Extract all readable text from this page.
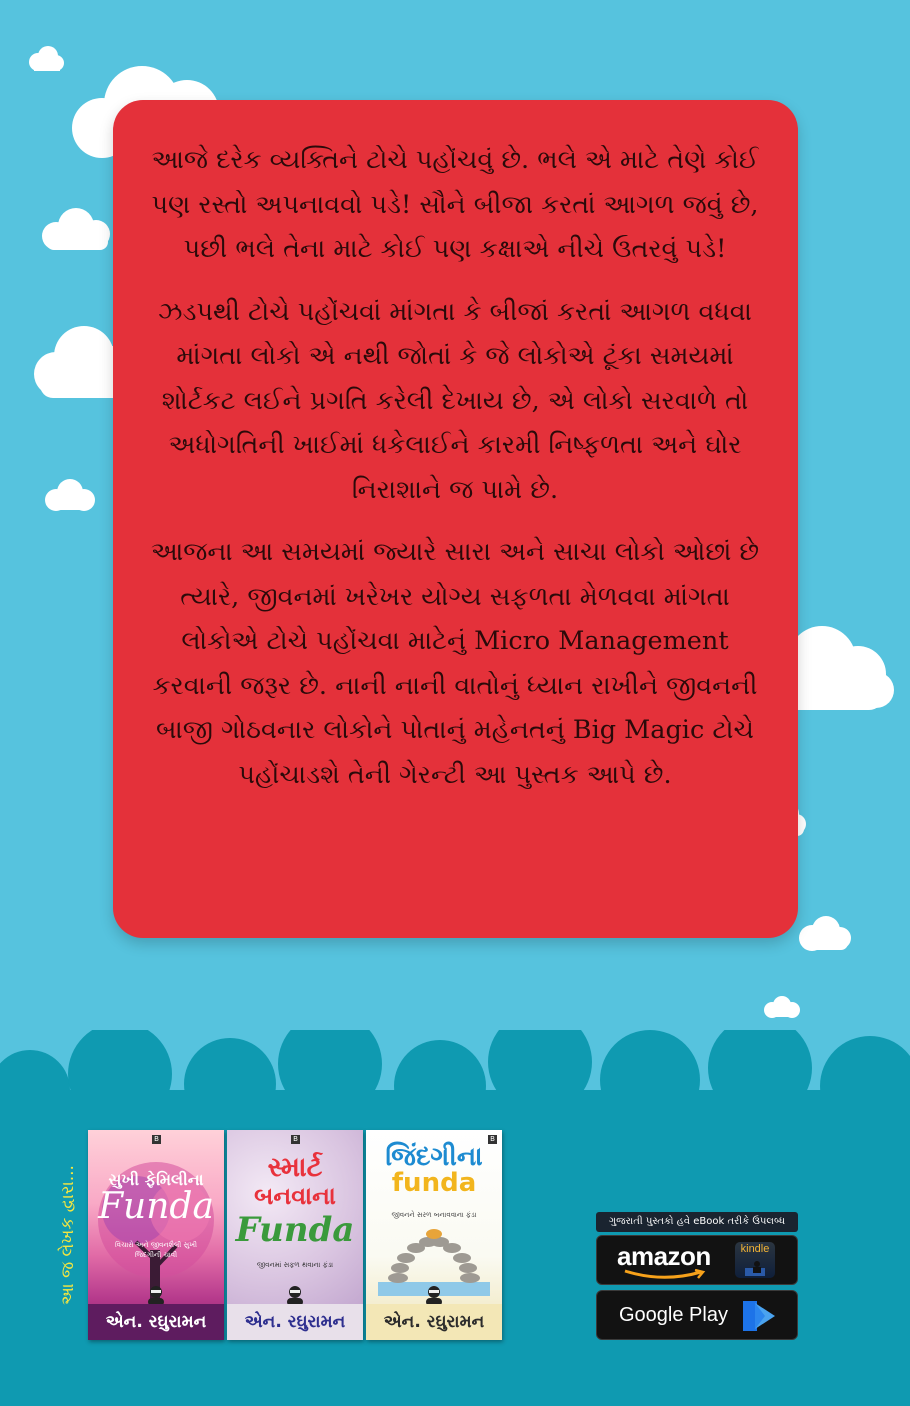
આજે દરેક વ્યક્તિને ટોચે પહોંચવું છે. ભલે એ માટે તેણે કોઈ પણ રસ્તો અપનાવવો પડે! સૌને બીજા કરતાં આગળ જવું છે, પછી ભલે તેના માટે કોઈ પણ કક્ષાએ નીચે ઉતરવું પડે!

ઝડપથી ટોચે પહોંચવાં માંગતા કે બીજાં કરતાં આગળ વધવા માંગતા લોકો એ નથી જોતાં કે જે લોકોએ ટૂંકા સમયમાં શોર્ટકટ લઈને પ્રગતિ કરેલી દેખાય છે, એ લોકો સરવાળે તો અધોગતિની ખાઈમાં ધકેલાઈને કારમી નિષ્ફળતા અને ઘોર નિરાશાને જ પામે છે.

આજના આ સમયમાં જ્યારે સારા અને સાચા લોકો ઓછાં છે ત્યારે, જીવનમાં ખરેખર યોગ્ય સફળતા મેળવવા માંગતા લોકોએ ટોચે પહોંચવા માટેનું Micro Management કરવાની જરૂર છે. નાની નાની વાતોનું ધ્યાન રાખીને જીવનની બાજી ગોઠવનાર લોકોને પોતાનું મહેનતનું Big Magic ટોચે પહોંચાડશે તેની ગેરન્ટી આ પુસ્તક આપે છે.

આ જ લેખક દ્વારા...
B
સુખી ફેમિલીના
Funda
વિચારો અને જીવનશૈલી સુખી જિંદગીની ચાવી
એન. રઘુરામન
B
સ્માર્ટ
બનવાના
Funda
જીવનમાં સફળ થવાના ફંડા
એન. રઘુરામન
B
જિંદગીના
funda
જીવનને સરળ બનાવવાના ફંડા
એન. રઘુરામન
ગુજરાતી પુસ્તકો હવે eBook તરીકે ઉપલબ્ધ
amazon	kindle
Google Play
